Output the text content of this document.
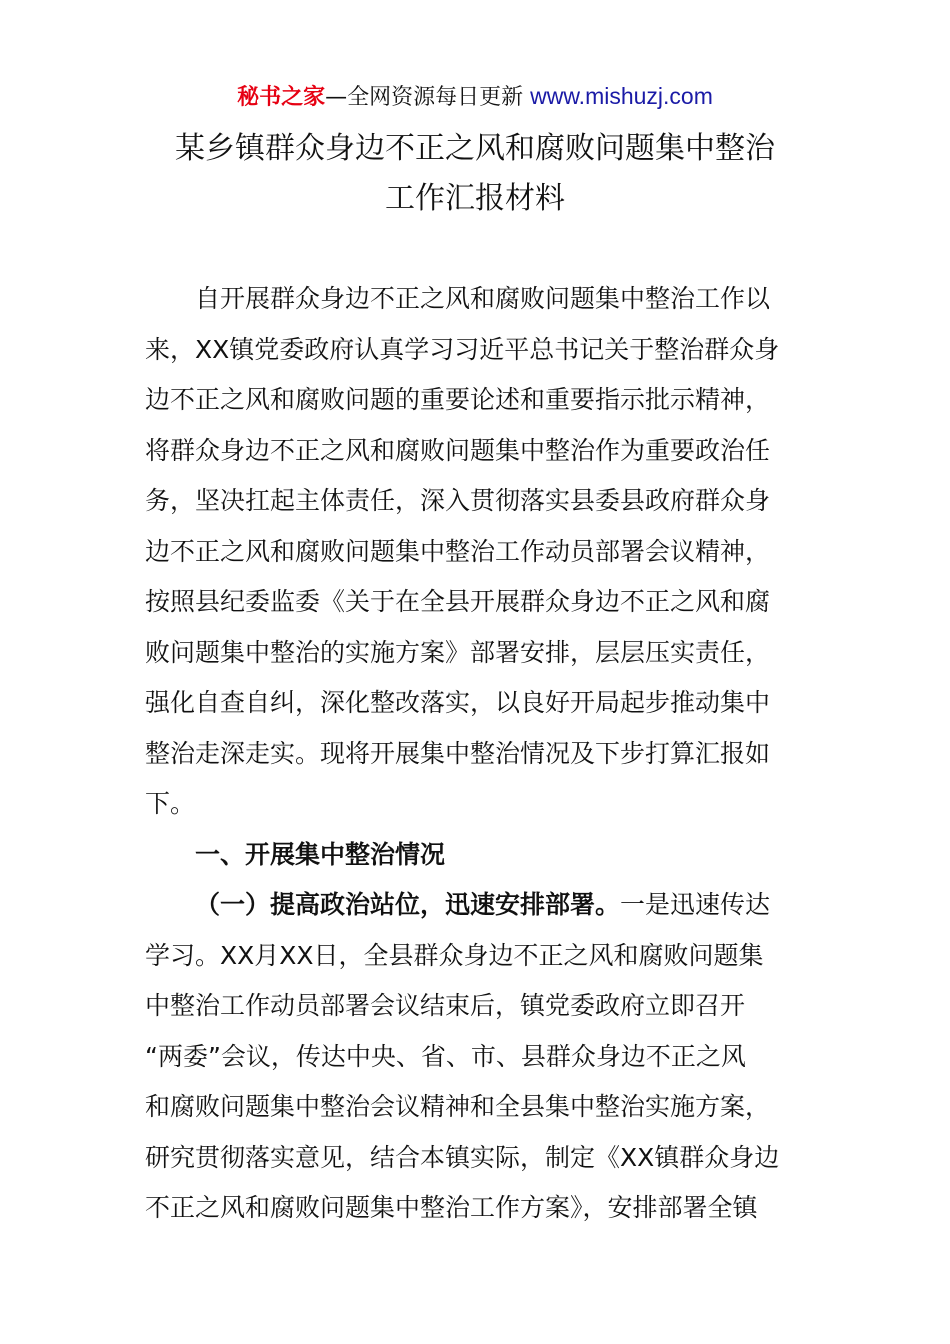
秘书之家—全网资源每日更新 www.mishuzj.com
某乡镇群众身边不正之风和腐败问题集中整治
工作汇报材料
自开展群众身边不正之风和腐败问题集中整治工作以
来，XX镇党委政府认真学习习近平总书记关于整治群众身
边不正之风和腐败问题的重要论述和重要指示批示精神，
将群众身边不正之风和腐败问题集中整治作为重要政治任
务，坚决扛起主体责任，深入贯彻落实县委县政府群众身
边不正之风和腐败问题集中整治工作动员部署会议精神，
按照县纪委监委《关于在全县开展群众身边不正之风和腐
败问题集中整治的实施方案》部署安排，层层压实责任，
强化自查自纠，深化整改落实，以良好开局起步推动集中
整治走深走实。现将开展集中整治情况及下步打算汇报如
下。
一、开展集中整治情况
（一）提高政治站位，迅速安排部署。一是迅速传达
学习。XX月XX日，全县群众身边不正之风和腐败问题集
中整治工作动员部署会议结束后，镇党委政府立即召开
“两委”会议，传达中央、省、市、县群众身边不正之风
和腐败问题集中整治会议精神和全县集中整治实施方案，
研究贯彻落实意见，结合本镇实际，制定《XX镇群众身边
不正之风和腐败问题集中整治工作方案》，安排部署全镇
